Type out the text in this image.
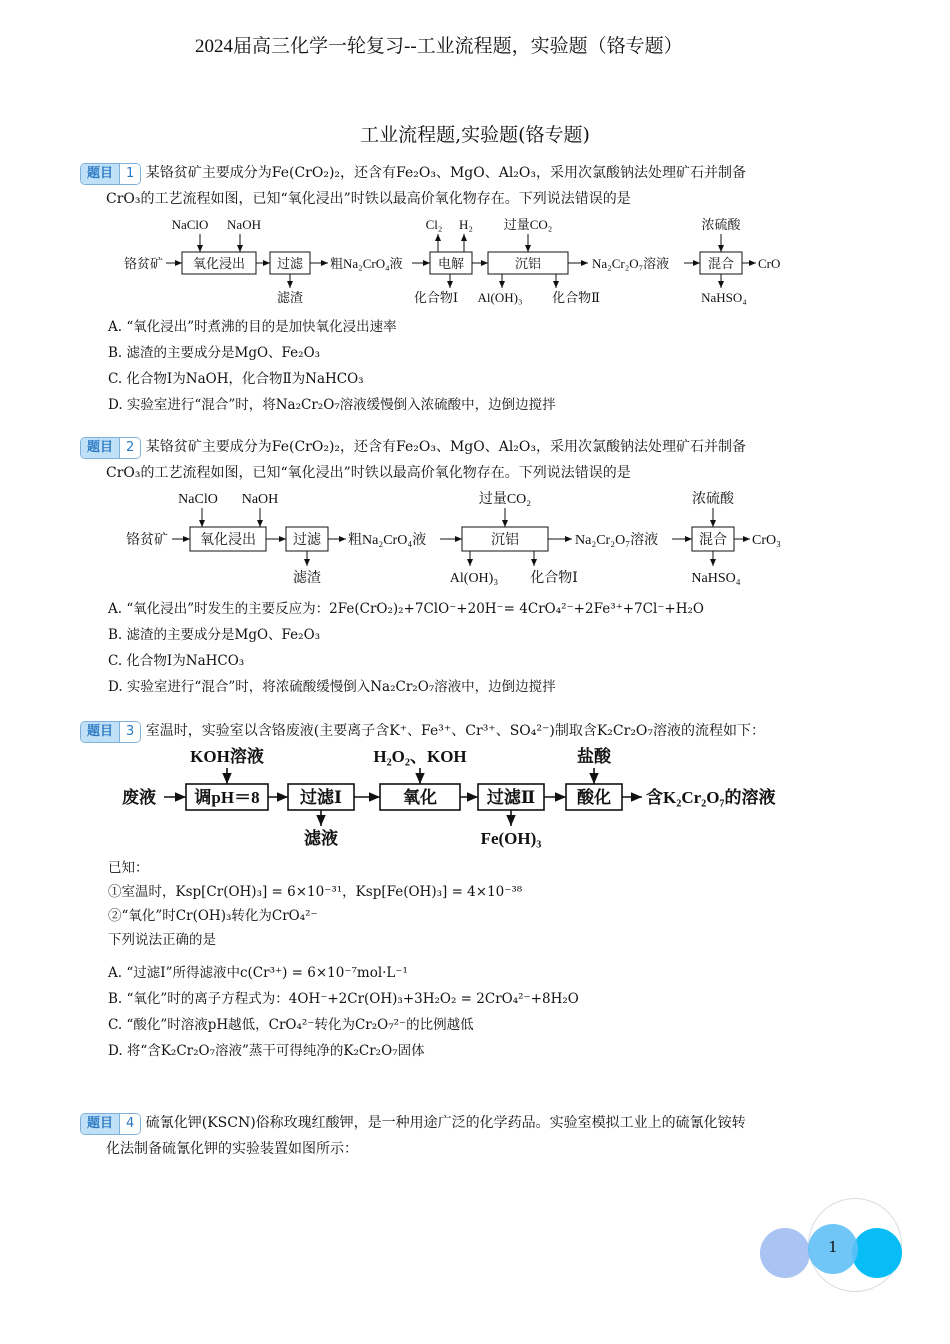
2024届高三化学一轮复习--工业流程题，实验题（铬专题）
工业流程题,实验题(铬专题)
题目	1 某铬贫矿主要成分为Fe(CrO₂)₂，还含有Fe₂O₃、MgO、Al₂O₃，采用次氯酸钠法处理矿石并制备
CrO₃的工艺流程如图，已知“氧化浸出”时铁以最高价氧化物存在。下列说法错误的是
铬贫矿 氧化浸出 过滤 粗Na₂CrO₄液	电解	沉铝	Na₂Cr₂O₇溶液	混合 CrO
NaClO NaOH	Cl₂ H₂ 过量CO₂	浓硫酸
滤渣	化合物Ⅰ Al(OH)₃ 化合物Ⅱ	NaHSO₄
A. “氧化浸出”时煮沸的目的是加快氧化浸出速率
B. 滤渣的主要成分是MgO、Fe₂O₃
C. 化合物Ⅰ为NaOH，化合物Ⅱ为NaHCO₃
D. 实验室进行“混合”时，将Na₂Cr₂O₇溶液缓慢倒入浓硫酸中，边倒边搅拌
题目	2 某铬贫矿主要成分为Fe(CrO₂)₂，还含有Fe₂O₃、MgO、Al₂O₃，采用次氯酸钠法处理矿石并制备
CrO₃的工艺流程如图，已知“氧化浸出”时铁以最高价氧化物存在。下列说法错误的是
铬贫矿 氧化浸出	过滤 粗Na₂CrO₄液	沉铝	Na₂Cr₂O₇溶液	混合 CrO₃
NaClO NaOH	过量CO₂	浓硫酸
滤渣	Al(OH)₃ 化合物Ⅰ	NaHSO₄
A. “氧化浸出”时发生的主要反应为：2Fe(CrO₂)₂+7ClO⁻+20H⁻= 4CrO₄²⁻+2Fe³⁺+7Cl⁻+H₂O
B. 滤渣的主要成分是MgO、Fe₂O₃
C. 化合物Ⅰ为NaHCO₃
D. 实验室进行“混合”时，将浓硫酸缓慢倒入Na₂Cr₂O₇溶液中，边倒边搅拌
题目	3 室温时，实验室以含铬废液(主要离子含K⁺、Fe³⁺、Cr³⁺、SO₄²⁻)制取含K₂Cr₂O₇溶液的流程如下：
废液 调pH＝8 过滤Ⅰ	氧化	过滤Ⅱ 酸化 含K₂Cr₂O₇的溶液
KOH溶液	H₂O₂、KOH	盐酸
滤液	Fe(OH)₃
已知：
①室温时，Ksp[Cr(OH)₃] = 6×10⁻³¹，Ksp[Fe(OH)₃] = 4×10⁻³⁸
②“氧化”时Cr(OH)₃转化为CrO₄²⁻
下列说法正确的是
A. “过滤Ⅰ”所得滤液中c(Cr³⁺) = 6×10⁻⁷mol·L⁻¹
B. “氧化”时的离子方程式为：4OH⁻+2Cr(OH)₃+3H₂O₂ = 2CrO₄²⁻+8H₂O
C. “酸化”时溶液pH越低，CrO₄²⁻转化为Cr₂O₇²⁻的比例越低
D. 将“含K₂Cr₂O₇溶液”蒸干可得纯净的K₂Cr₂O₇固体
题目	4 硫氰化钾(KSCN)俗称玫瑰红酸钾，是一种用途广泛的化学药品。实验室模拟工业上的硫氰化铵转
化法制备硫氰化钾的实验装置如图所示：
1
